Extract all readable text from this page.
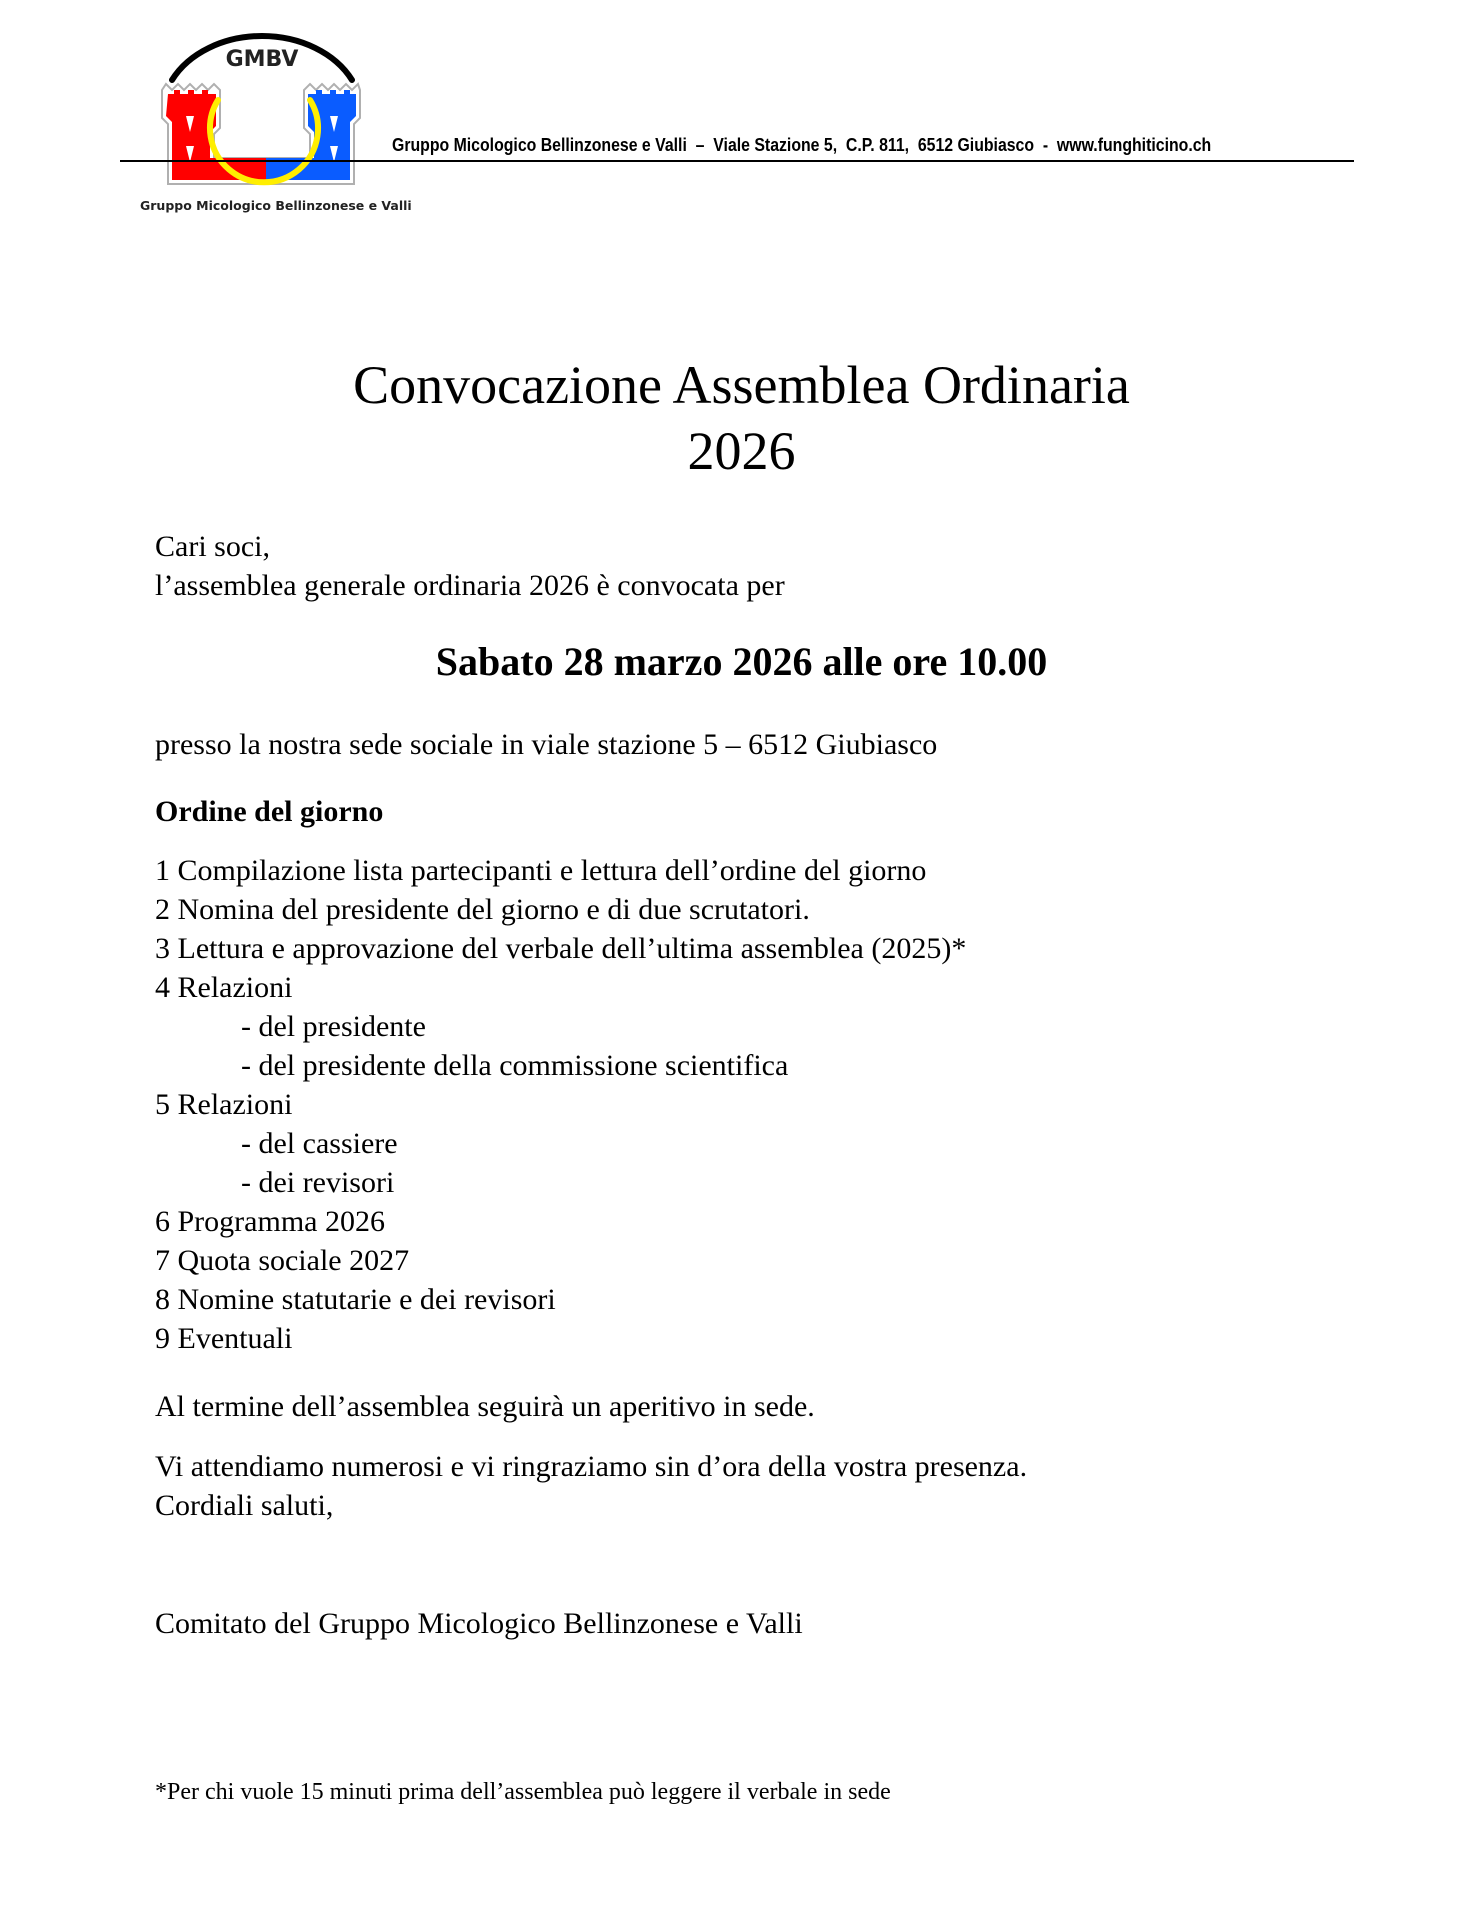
GMBV
Gruppo Micologico Bellinzonese e Valli
Gruppo Micologico Bellinzonese e Valli  –  Viale Stazione 5,  C.P. 811,  6512 Giubiasco  -  www.funghiticino.ch
Convocazione Assemblea Ordinaria
2026
Cari soci,
l’assemblea generale ordinaria 2026 è convocata per
Sabato 28 marzo 2026 alle ore 10.00
presso la nostra sede sociale in viale stazione 5 – 6512 Giubiasco
Ordine del giorno
1 Compilazione lista partecipanti e lettura dell’ordine del giorno
2 Nomina del presidente del giorno e di due scrutatori.
3 Lettura e approvazione del verbale dell’ultima assemblea (2025)*
4 Relazioni
- del presidente
- del presidente della commissione scientifica
5 Relazioni
- del cassiere
- dei revisori
6 Programma 2026
7 Quota sociale 2027
8 Nomine statutarie e dei revisori
9 Eventuali
Al termine dell’assemblea seguirà un aperitivo in sede.
Vi attendiamo numerosi e vi ringraziamo sin d’ora della vostra presenza.
Cordiali saluti,
Comitato del Gruppo Micologico Bellinzonese e Valli
*Per chi vuole 15 minuti prima dell’assemblea può leggere il verbale in sede
